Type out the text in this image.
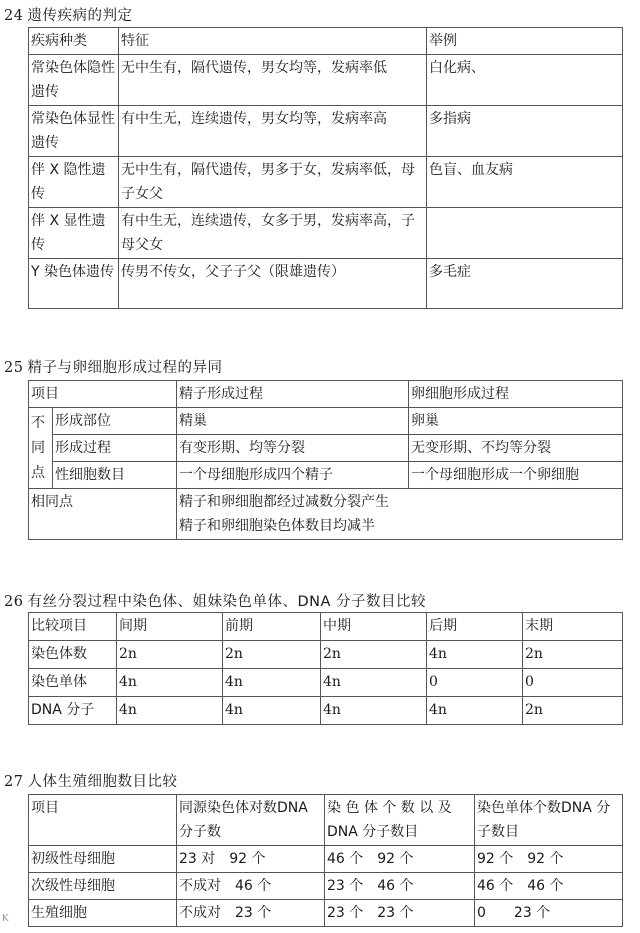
24 遗传疾病的判定
疾病种类	特征	举例
常染色体隐性遗传	无中生有，隔代遗传，男女均等，发病率低	白化病、
常染色体显性遗传	有中生无，连续遗传，男女均等，发病率高	多指病
伴 X 隐性遗传	无中生有，隔代遗传，男多于女，发病率低，母子女父	色盲、血友病
伴 X 显性遗传	有中生无，连续遗传，女多于男，发病率高，子母父女	
Y 染色体遗传	传男不传女，父子子父（限雄遗传）	多毛症
25 精子与卵细胞形成过程的异同
项目		精子形成过程	卵细胞形成过程
不同点	形成部位	精巢	卵巢
	形成过程	有变形期、均等分裂	无变形期、不均等分裂
	性细胞数目	一个母细胞形成四个精子	一个母细胞形成一个卵细胞
相同点		精子和卵细胞都经过减数分裂产生
精子和卵细胞染色体数目均减半	
26 有丝分裂过程中染色体、姐妹染色单体、DNA 分子数目比较
比较项目	间期	前期	中期	后期	末期
染色体数	2n	2n	2n	4n	2n
染色单体	4n	4n	4n	0	0
DNA 分子	4n	4n	4n	4n	2n
27 人体生殖细胞数目比较
项目	同源染色体对数DNA 分子数	染 色 体 个 数 以 及DNA 分子数目	染色单体个数DNA 分子数目
初级性母细胞	23 对　92 个	46 个　92 个	92 个　92 个
次级性母细胞	不成对　46 个	23 个　46 个	46 个　46 个
生殖细胞	不成对　23 个	23 个　23 个	0　　23 个
K
